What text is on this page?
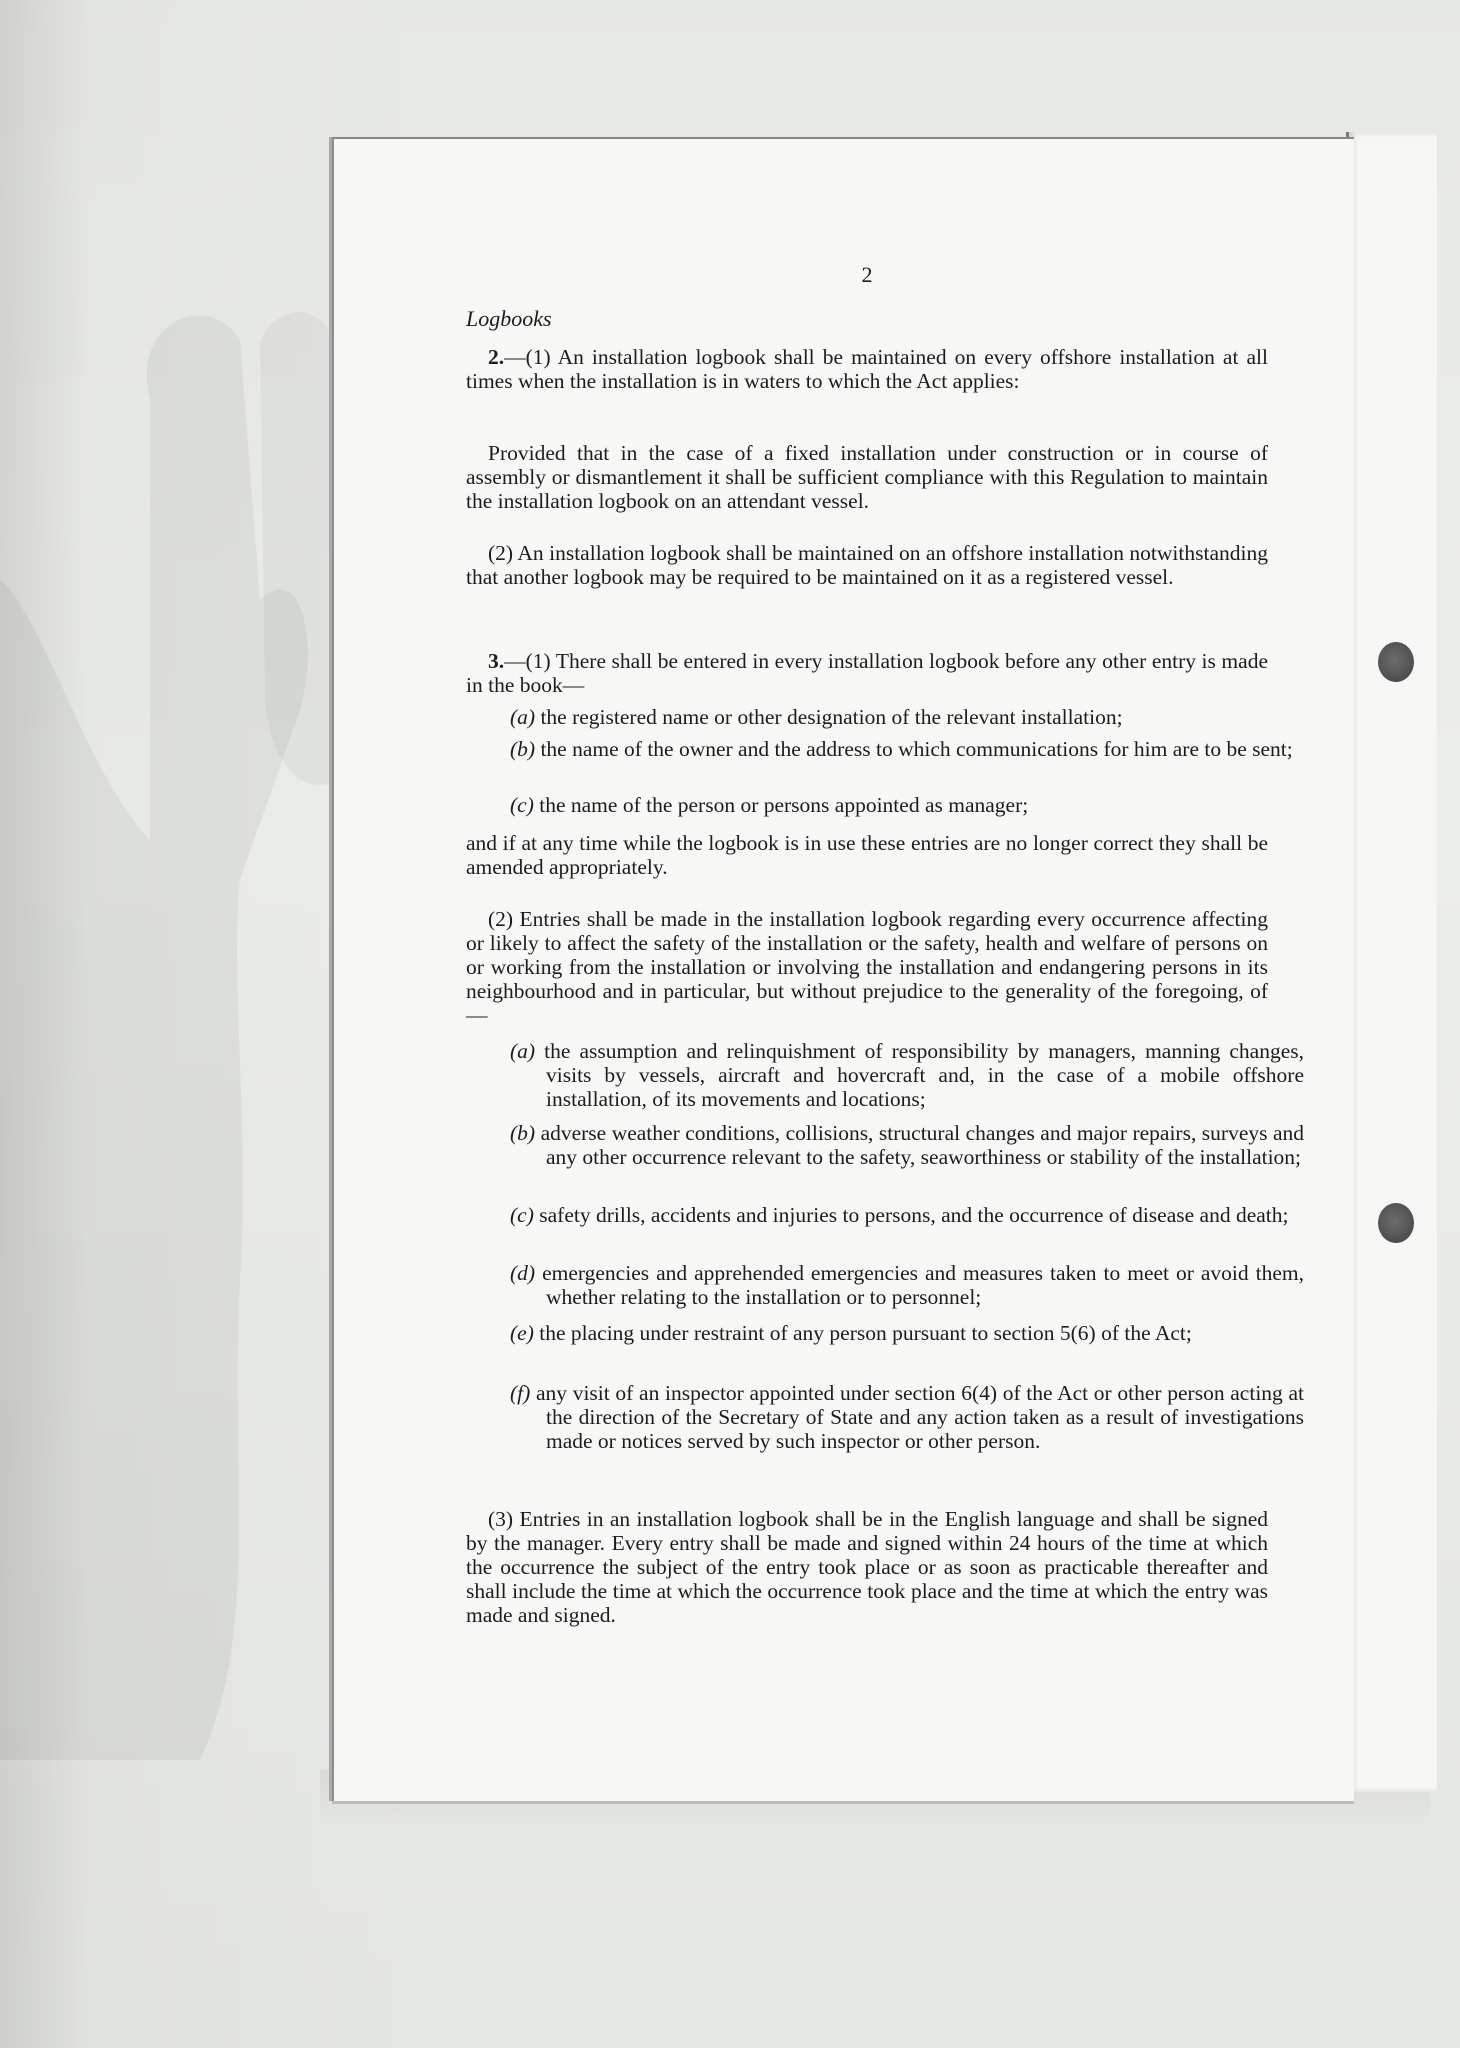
2
Logbooks

2.—(1) An installation logbook shall be maintained on every offshore installation at all times when the installation is in waters to which the Act applies:

Provided that in the case of a fixed installation under construction or in course of assembly or dismantlement it shall be sufficient compliance with this Regulation to maintain the installation logbook on an attendant vessel.

(2) An installation logbook shall be maintained on an offshore installation notwithstanding that another logbook may be required to be maintained on it as a registered vessel.

3.—(1) There shall be entered in every installation logbook before any other entry is made in the book—

(a) the registered name or other designation of the relevant installation;

(b) the name of the owner and the address to which communications for him are to be sent;

(c) the name of the person or persons appointed as manager;

and if at any time while the logbook is in use these entries are no longer correct they shall be amended appropriately.

(2) Entries shall be made in the installation logbook regarding every occurrence affecting or likely to affect the safety of the installation or the safety, health and welfare of persons on or working from the installation or involving the installation and endangering persons in its neighbourhood and in particular, but without prejudice to the generality of the foregoing, of—

(a) the assumption and relinquishment of responsibility by managers, manning changes, visits by vessels, aircraft and hovercraft and, in the case of a mobile offshore installation, of its movements and locations;

(b) adverse weather conditions, collisions, structural changes and major repairs, surveys and any other occurrence relevant to the safety, seaworthiness or stability of the installation;

(c) safety drills, accidents and injuries to persons, and the occurrence of disease and death;

(d) emergencies and apprehended emergencies and measures taken to meet or avoid them, whether relating to the installation or to personnel;

(e) the placing under restraint of any person pursuant to section 5(6) of the Act;

(f) any visit of an inspector appointed under section 6(4) of the Act or other person acting at the direction of the Secretary of State and any action taken as a result of investigations made or notices served by such inspector or other person.

(3) Entries in an installation logbook shall be in the English language and shall be signed by the manager. Every entry shall be made and signed within 24 hours of the time at which the occurrence the subject of the entry took place or as soon as practicable thereafter and shall include the time at which the occurrence took place and the time at which the entry was made and signed.
